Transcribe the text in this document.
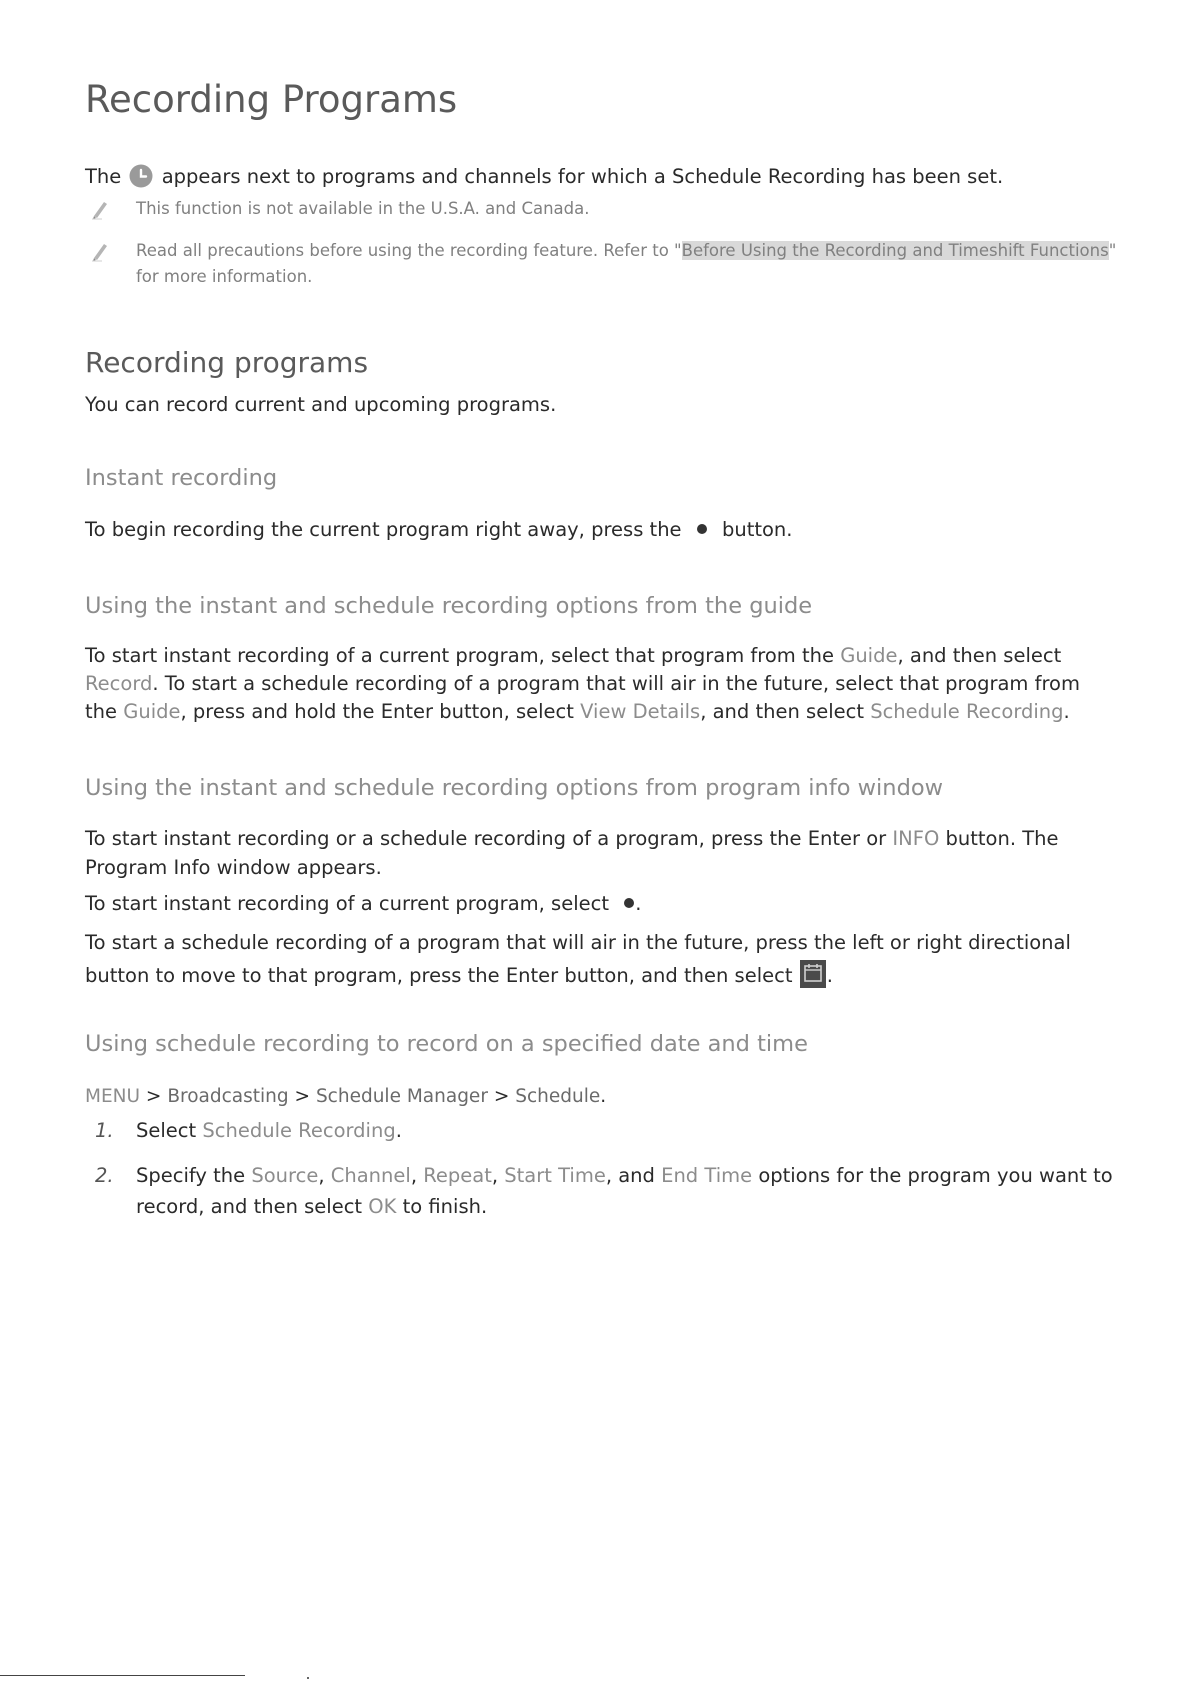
Recording Programs

The appears next to programs and channels for which a Schedule Recording has been set.

This function is not available in the U.S.A. and Canada.
Read all precautions before using the recording feature. Refer to "Before Using the Recording and Timeshift Functions" for more information.
Recording programs

You can record current and upcoming programs.

Instant recording

To begin recording the current program right away, press the button.

Using the instant and schedule recording options from the guide

To start instant recording of a current program, select that program from the Guide, and then select Record. To start a schedule recording of a program that will air in the future, select that program from the Guide, press and hold the Enter button, select View Details, and then select Schedule Recording.

Using the instant and schedule recording options from program info window

To start instant recording or a schedule recording of a program, press the Enter or INFO button. The Program Info window appears.

To start instant recording of a current program, select .

To start a schedule recording of a program that will air in the future, press the left or right directional button to move to that program, press the Enter button, and then select .

Using schedule recording to record on a specified date and time

MENU > Broadcasting > Schedule Manager > Schedule.

1. Select Schedule Recording.
2. Specify the Source, Channel, Repeat, Start Time, and End Time options for the program you want to record, and then select OK to finish.
